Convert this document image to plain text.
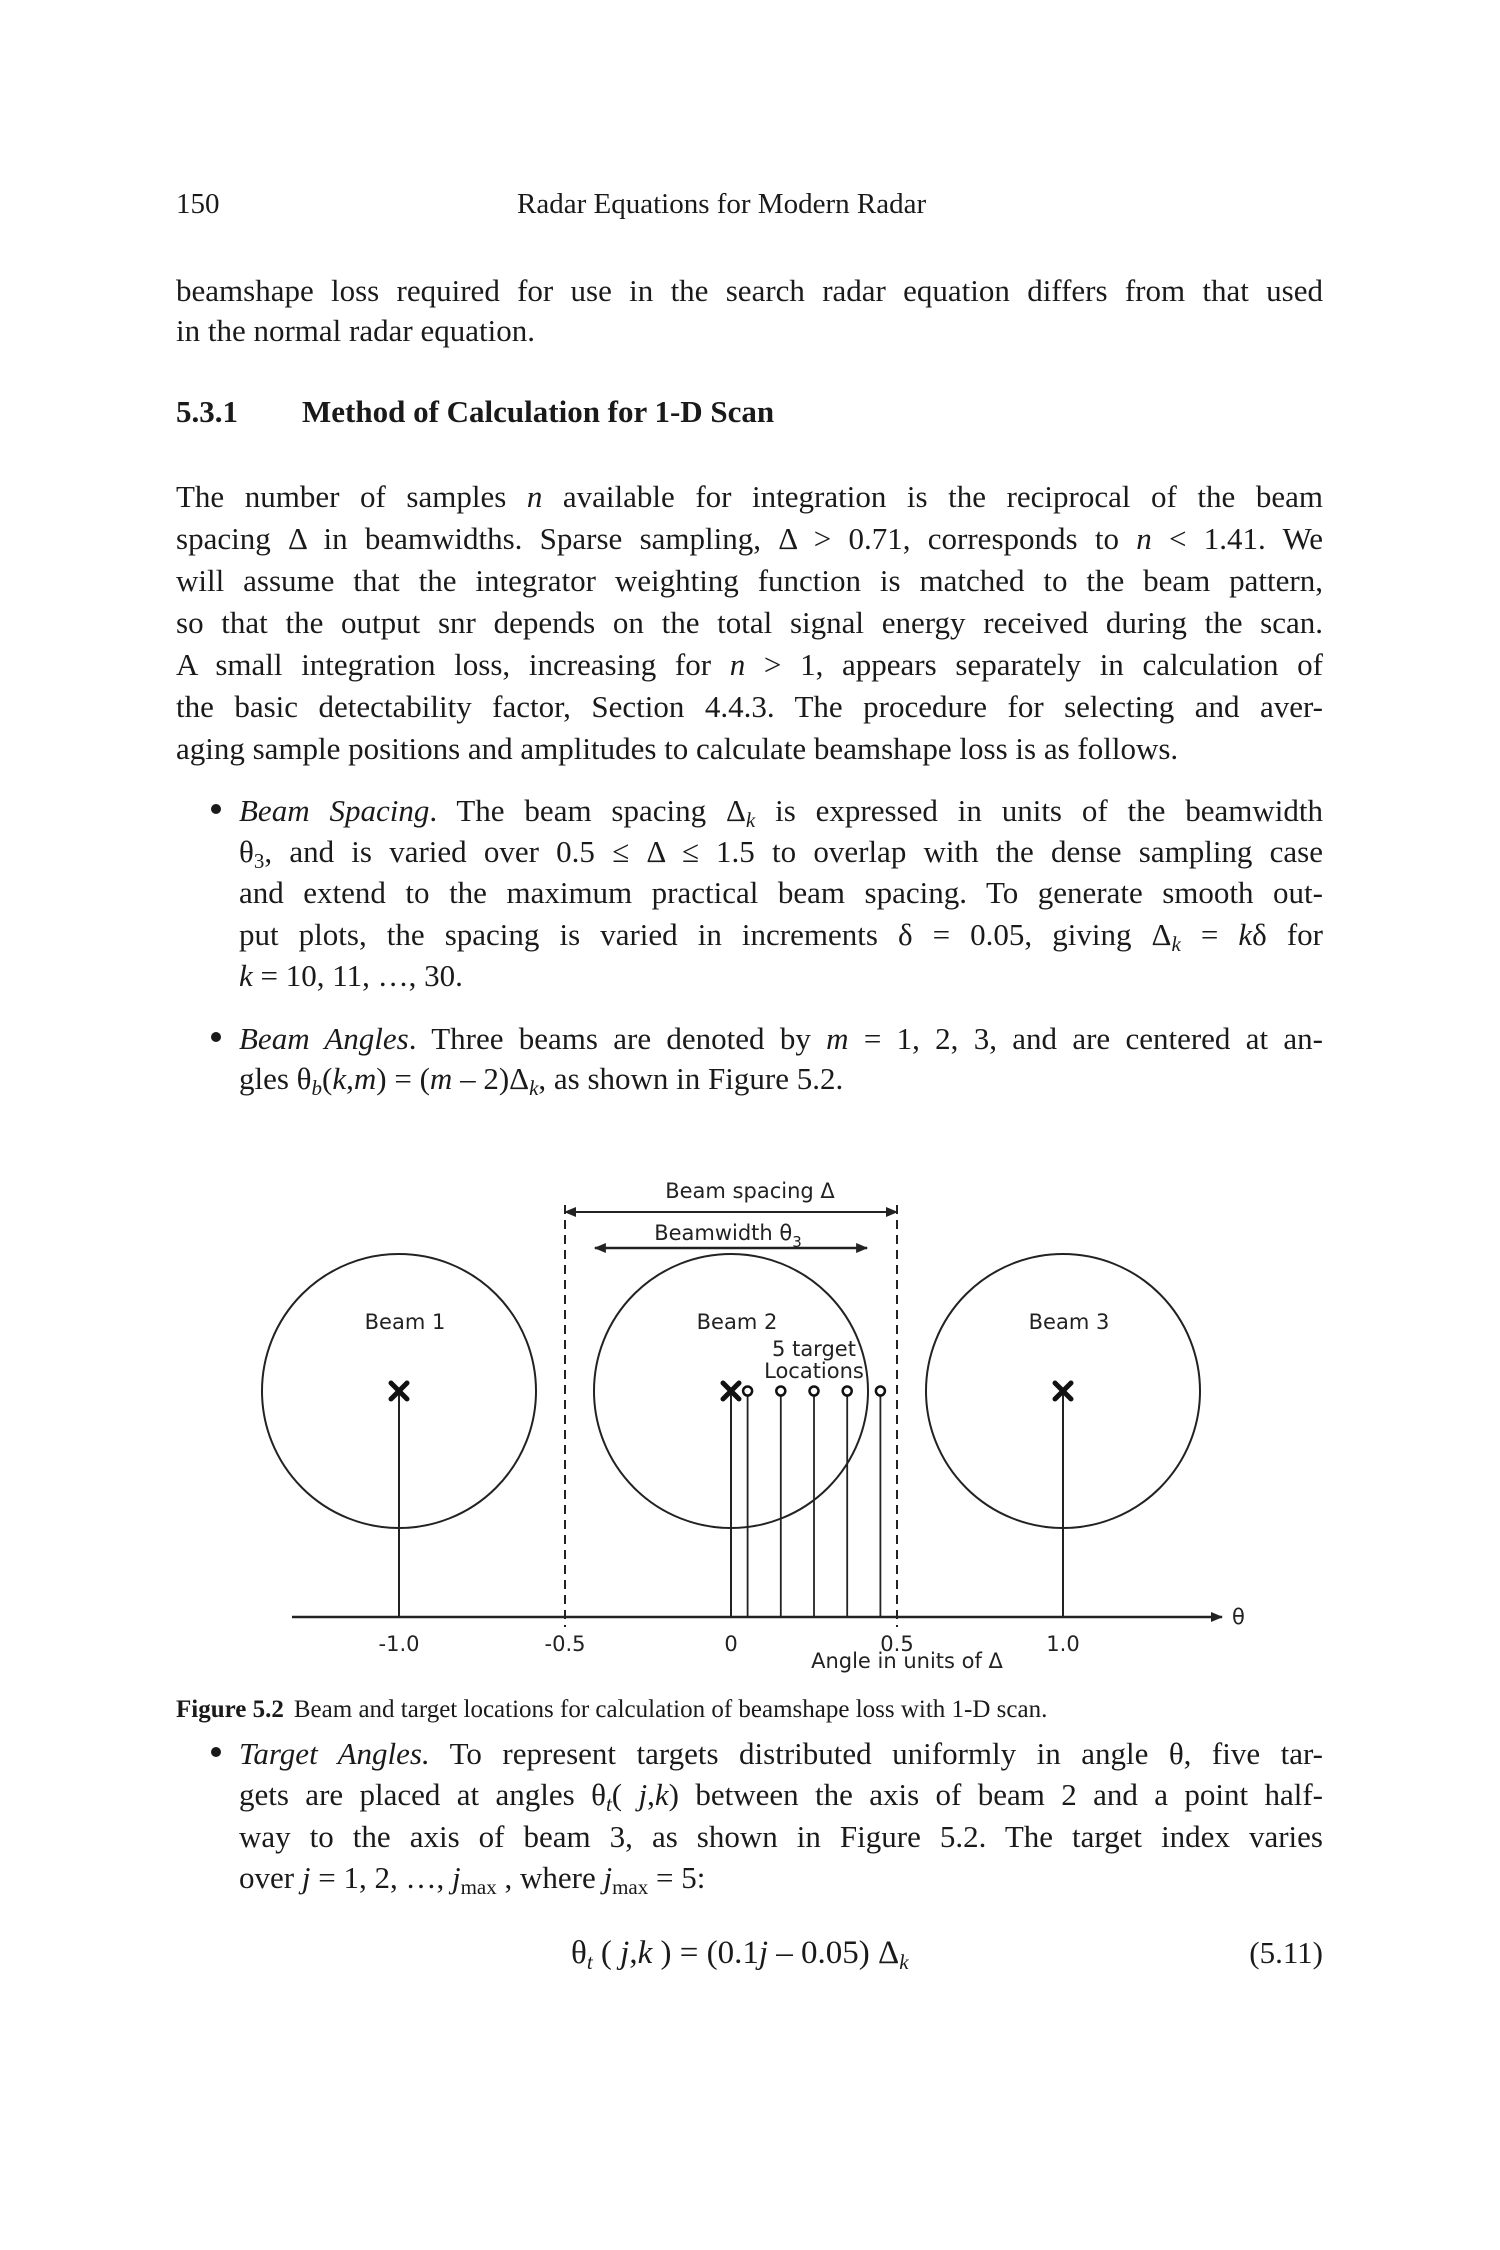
150	Radar Equations for Modern Radar
beamshape loss required for use in the search radar equation differs from that used
in the normal radar equation.
5.3.1 Method of Calculation for 1-D Scan
The number of samples n available for integration is the reciprocal of the beam
spacing Δ in beamwidths. Sparse sampling, Δ > 0.71, corresponds to n < 1.41. We
will assume that the integrator weighting function is matched to the beam pattern,
so that the output snr depends on the total signal energy received during the scan.
A small integration loss, increasing for n > 1, appears separately in calculation of
the basic detectability factor, Section 4.4.3. The procedure for selecting and aver-
aging sample positions and amplitudes to calculate beamshape loss is as follows.
Beam Spacing. The beam spacing $\Delta_k$ is expressed in units of the beamwidth
$\theta_3$, and is varied over 0.5 ≤ Δ ≤ 1.5 to overlap with the dense sampling case
and extend to the maximum practical beam spacing. To generate smooth out-
put plots, the spacing is varied in increments δ = 0.05, giving $\Delta_k = k\delta$ for
k = 10, 11, …, 30.
Beam Angles. Three beams are denoted by m = 1, 2, 3, and are centered at an-
gles $\theta_b(k,m) = (m - 2)\Delta_k$, as shown in Figure 5.2.
Beam 1	Beam 2	Beam 3
-1.0	-0.5	0	0.5	1.0
Beam spacing Δ
Beamwidth $\theta_3$
5 target
Locations
θ
Angle in units of Δ
Figure 5.2 Beam and target locations for calculation of beamshape loss with 1-D scan.
Target Angles. To represent targets distributed uniformly in angle θ, five tar-
gets are placed at angles $\theta_t$( j,k) between the axis of beam 2 and a point half-
way to the axis of beam 3, as shown in Figure 5.2. The target index varies
over j = 1, 2, …, $j_{max}$ , where $j_{max} = 5$:
$\theta_t$ ( j,k ) = (0.1j – 0.05) $\Delta_k$	(5.11)
